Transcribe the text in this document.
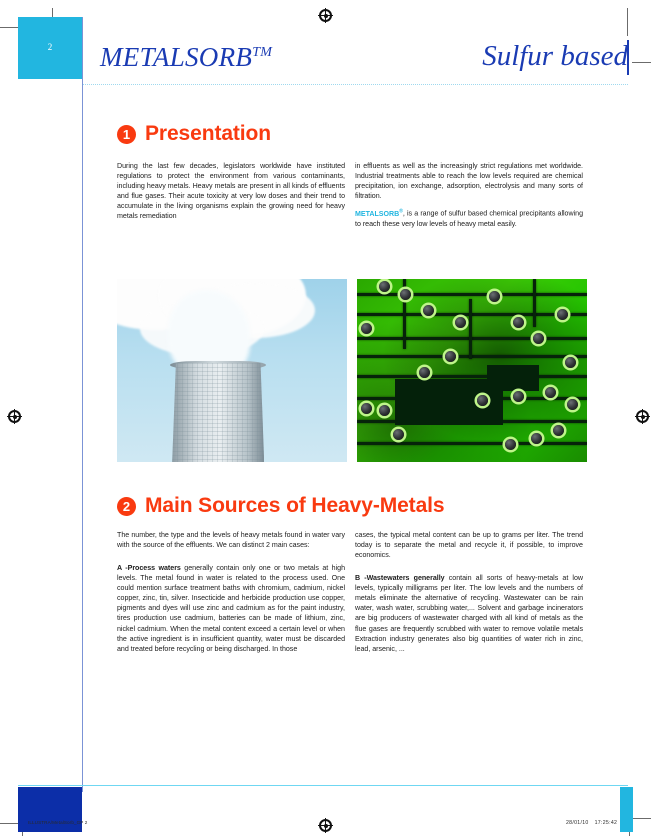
2	METALSORB™	Sulfur based
1 Presentation

During the last few decades, legislators worldwide have instituted regulations to protect the environment from various contaminants, including heavy metals. Heavy metals are present in all kinds of effluents and flue gases. Their acute toxicity at very low doses and their trend to accumulate in the living organisms explain the growing need for heavy metals remediation

in effluents as well as the increasingly strict regulations met worldwide. Industrial treatments able to reach the low levels required are chemical precipitation, ion exchange, adsorption, electrolysis and many sorts of filtration.

METALSORB®, is a range of sulfur based chemical precipitants allowing to reach these very low levels of heavy metal easily.

2 Main Sources of Heavy-Metals

The number, the type and the levels of heavy metals found in water vary with the source of the effluents. We can distinct 2 main cases:

A -Process waters generally contain only one or two metals at high levels. The metal found in water is related to the process used. One could mention surface treatment baths with chromium, cadmium, nickel copper, zinc, tin, silver. Insecticide and herbicide production use copper, pigments and dyes will use zinc and cadmium as for the paint industry, tires production use cadmium, batteries can be made of lithium, zinc, nickel cadmium. When the metal content exceed a certain level or when the active ingredient is in insufficient quantity, water must be discarded and treated before recycling or being discharged. In those

cases, the typical metal content can be up to grams per liter. The trend today is to separate the metal and recycle it, if possible, to improve economics.

B -Wastewaters generally contain all sorts of heavy-metals at low levels, typically milligrams per liter. The low levels and the numbers of metals eliminate the alternative of recycling. Wastewater can be rain water, wash water, scrubbing water,... Solvent and garbage incinerators are big producers of wastewater charged with all kind of metals as the flue gases are frequently scrubbed with water to remove volatile metals Extraction industry generates also big quantities of water rich in zinc, lead, arsenic, ...

ILLUSTRA/MetalSorb_GP 2	28/01/10 17:25:42
